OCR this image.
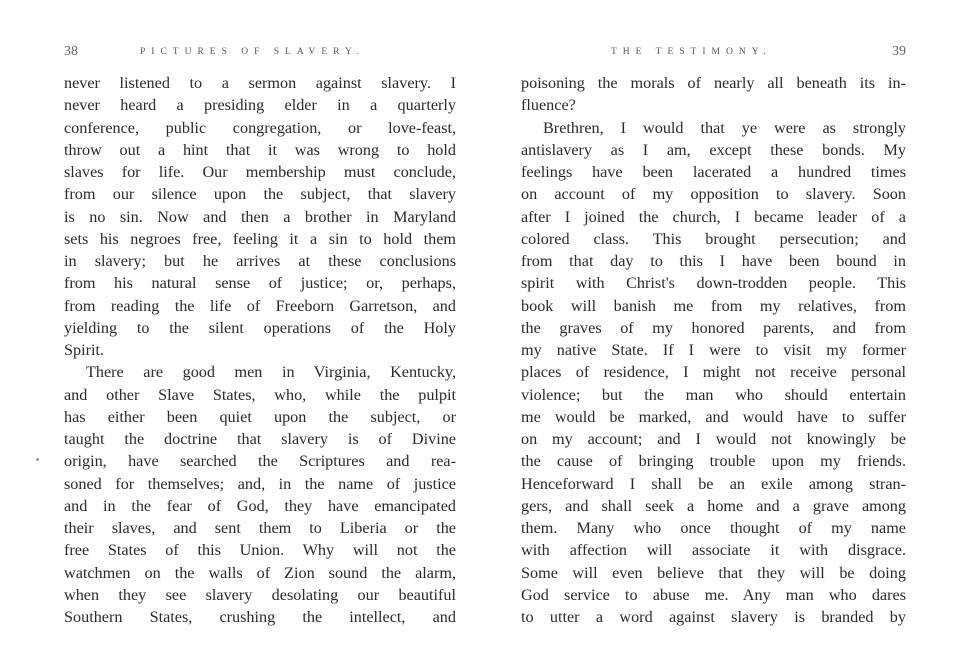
38	PICTURES OF SLAVERY.
never listened to a sermon against slavery. I
never heard a presiding elder in a quarterly
conference, public congregation, or love-feast,
throw out a hint that it was wrong to hold
slaves for life. Our membership must conclude,
from our silence upon the subject, that slavery
is no sin. Now and then a brother in Maryland
sets his negroes free, feeling it a sin to hold them
in slavery; but he arrives at these conclusions
from his natural sense of justice; or, perhaps,
from reading the life of Freeborn Garretson, and
yielding to the silent operations of the Holy
Spirit.
There are good men in Virginia, Kentucky,
and other Slave States, who, while the pulpit
has either been quiet upon the subject, or
taught the doctrine that slavery is of Divine
origin, have searched the Scriptures and rea-
soned for themselves; and, in the name of justice
and in the fear of God, they have emancipated
their slaves, and sent them to Liberia or the
free States of this Union. Why will not the
watchmen on the walls of Zion sound the alarm,
when they see slavery desolating our beautiful
Southern States, crushing the intellect, and
THE TESTIMONY.	39
poisoning the morals of nearly all beneath its in-
fluence?
Brethren, I would that ye were as strongly
antislavery as I am, except these bonds. My
feelings have been lacerated a hundred times
on account of my opposition to slavery. Soon
after I joined the church, I became leader of a
colored class. This brought persecution; and
from that day to this I have been bound in
spirit with Christ's down-trodden people. This
book will banish me from my relatives, from
the graves of my honored parents, and from
my native State. If I were to visit my former
places of residence, I might not receive personal
violence; but the man who should entertain
me would be marked, and would have to suffer
on my account; and I would not knowingly be
the cause of bringing trouble upon my friends.
Henceforward I shall be an exile among stran-
gers, and shall seek a home and a grave among
them. Many who once thought of my name
with affection will associate it with disgrace.
Some will even believe that they will be doing
God service to abuse me. Any man who dares
to utter a word against slavery is branded by
